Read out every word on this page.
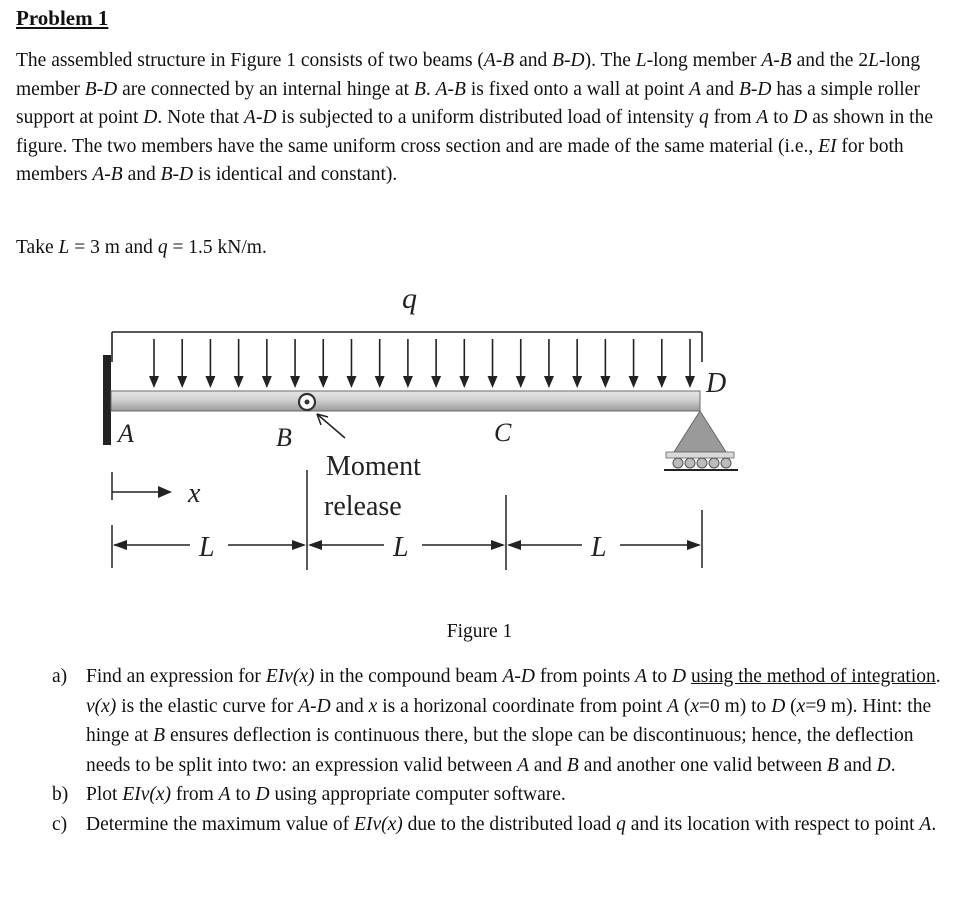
Problem 1
The assembled structure in Figure 1 consists of two beams (A-B and B-D). The L-long member A-B and the 2L-long member B-D are connected by an internal hinge at B. A-B is fixed onto a wall at point A and B-D has a simple roller support at point D. Note that A-D is subjected to a uniform distributed load of intensity q from A to D as shown in the figure. The two members have the same uniform cross section and are made of the same material (i.e., EI for both members A-B and B-D is identical and constant).
Take L = 3 m and q = 1.5 kN/m.
q
A	B	C
D
Moment
release
x
L	L	L
Figure 1
a) Find an expression for EIv(x) in the compound beam A-D from points A to D using the method of integration. v(x) is the elastic curve for A-D and x is a horizonal coordinate from point A (x=0 m) to D (x=9 m). Hint: the hinge at B ensures deflection is continuous there, but the slope can be discontinuous; hence, the deflection needs to be split into two: an expression valid between A and B and another one valid between B and D.
b) Plot EIv(x) from A to D using appropriate computer software.
c) Determine the maximum value of EIv(x) due to the distributed load q and its location with respect to point A.
